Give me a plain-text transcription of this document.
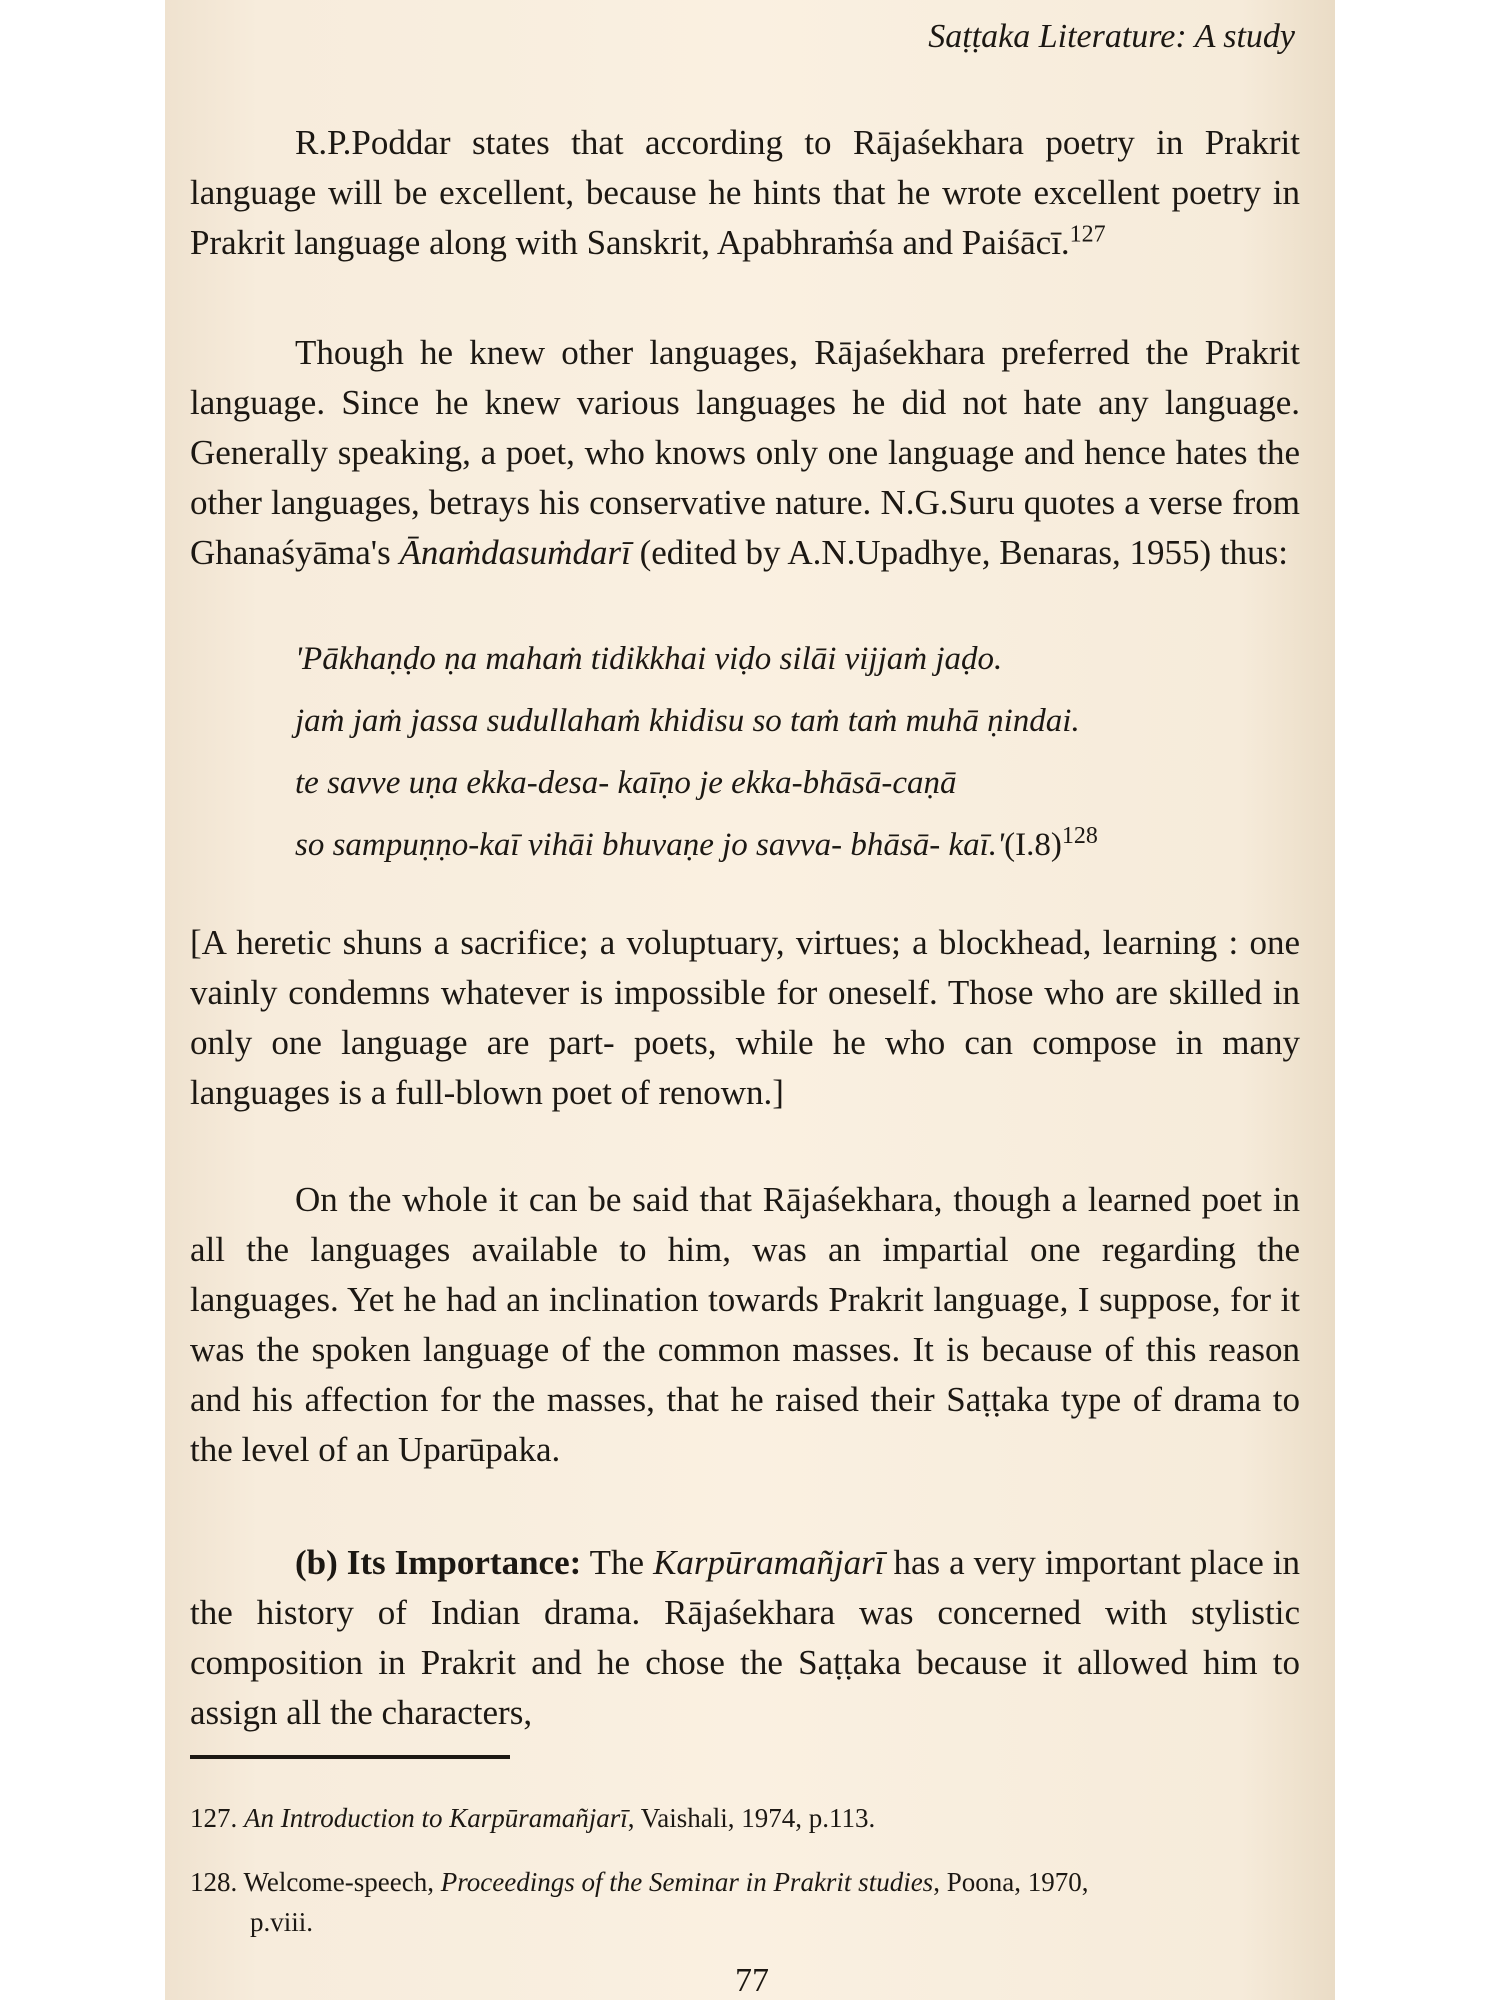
Saṭṭaka Literature: A study

R.P.Poddar states that according to Rājaśekhara poetry in Prakrit language will be excellent, because he hints that he wrote excellent poetry in Prakrit language along with Sanskrit, Apabhraṁśa and Paiśācī.$^{127}$

Though he knew other languages, Rājaśekhara preferred the Prakrit language. Since he knew various languages he did not hate any language. Generally speaking, a poet, who knows only one language and hence hates the other languages, betrays his conservative nature. N.G.Suru quotes a verse from Ghanaśyāma's Ānaṁdasuṁdarī (edited by A.N.Upadhye, Benaras, 1955) thus:

'Pākhaṇḍo ṇa mahaṁ tidikkhai viḍo silāi vijjaṁ jaḍo.
jaṁ jaṁ jassa sudullahaṁ khidisu so taṁ taṁ muhā ṇindai.
te savve uṇa ekka-desa- kaīṇo je ekka-bhāsā-caṇā
so sampuṇṇo-kaī vihāi bhuvaṇe jo savva- bhāsā- $kaī.'(I.8)^{128}$

[A heretic shuns a sacrifice; a voluptuary, virtues; a blockhead, learning : one vainly condemns whatever is impossible for oneself. Those who are skilled in only one language are part- poets, while he who can compose in many languages is a full-blown poet of renown.]

On the whole it can be said that Rājaśekhara, though a learned poet in all the languages available to him, was an impartial one regarding the languages. Yet he had an inclination towards Prakrit language, I suppose, for it was the spoken language of the common masses. It is because of this reason and his affection for the masses, that he raised their Saṭṭaka type of drama to the level of an Uparūpaka.

(b) Its Importance: The Karpūramañjarī has a very important place in the history of Indian drama. Rājaśekhara was concerned with stylistic composition in Prakrit and he chose the Saṭṭaka because it allowed him to assign all the characters,

127. An Introduction to Karpūramañjarī, Vaishali, 1974, p.113.
128. Welcome-speech, Proceedings of the Seminar in Prakrit studies, Poona, 1970,
p.viii.
77
